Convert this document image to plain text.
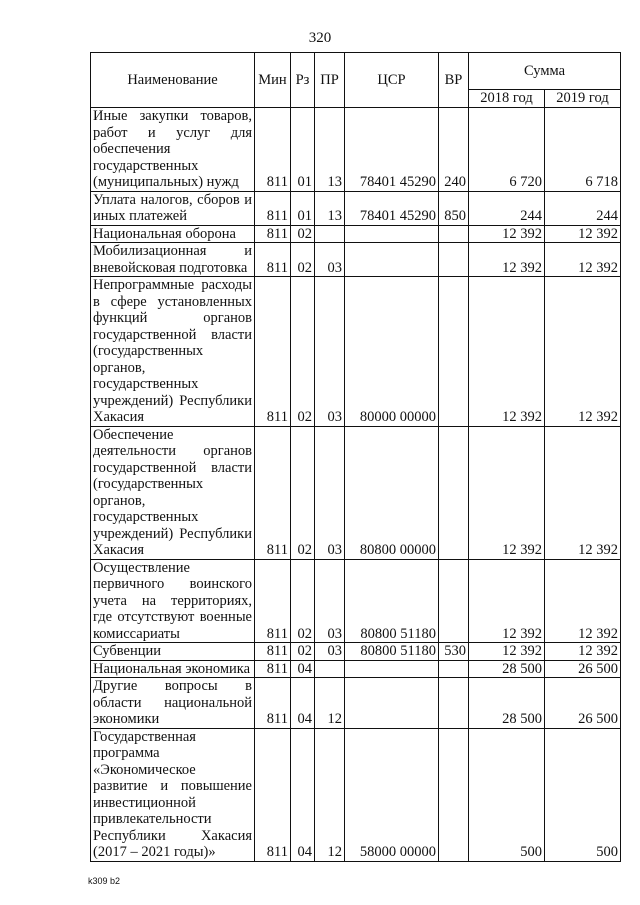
320
Наименование	Мин	Рз	ПР	ЦСР	ВР	Сумма	
						2018 год	2019 год
Иные закупки товаров, работ и услуг для обеспечения государственных (муниципальных) нужд	811	01	13	78401 45290	240	6 720	6 718
Уплата налогов, сборов и иных платежей	811	01	13	78401 45290	850	244	244
Национальная оборона	811	02				12 392	12 392
Мобилизационная и вневойсковая подготовка	811	02	03			12 392	12 392
Непрограммные расходы в сфере установленных функций органов государственной власти (государственных органов, государственных учреждений) Республики Хакасия	811	02	03	80000 00000		12 392	12 392
Обеспечение деятельности органов государственной власти (государственных органов, государственных учреждений) Республики Хакасия	811	02	03	80800 00000		12 392	12 392
Осуществление первичного воинского учета на территориях, где отсутствуют военные комиссариаты	811	02	03	80800 51180		12 392	12 392
Субвенции	811	02	03	80800 51180	530	12 392	12 392
Национальная экономика	811	04				28 500	26 500
Другие вопросы в области национальной экономики	811	04	12			28 500	26 500
Государственная программа «Экономическое развитие и повышение инвестиционной привлекательности Республики Хакасия (2017 – 2021 годы)»	811	04	12	58000 00000		500	500
k309 b2
